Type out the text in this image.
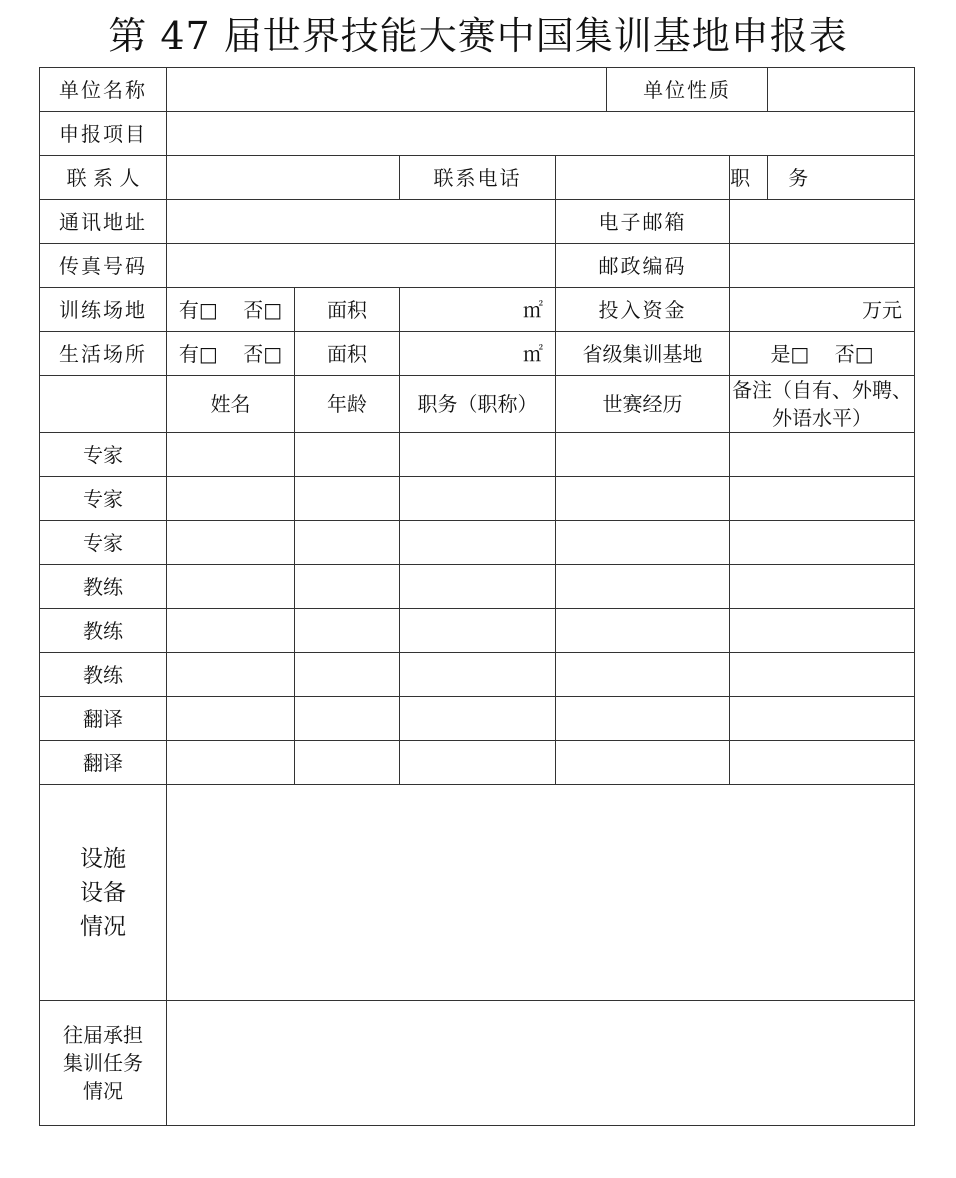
第 47 届世界技能大赛中国集训基地申报表
单位名称					单位性质		
申报项目							
联 系 人			联系电话			职      务	
通讯地址				电子邮箱			
传真号码				邮政编码			
训练场地	有□    否□	面积	㎡	投入资金		万元	
生活场所	有□    否□	面积	㎡	省级集训基地		是□    否□	
	姓名	年龄	职务（职称）	世赛经历		备注（自有、外聘、
外语水平）	

专家							
专家							
专家							
教练							
教练							
教练							
翻译							
翻译							

设施
设备
情况							

往届承担
集训任务
情况							
